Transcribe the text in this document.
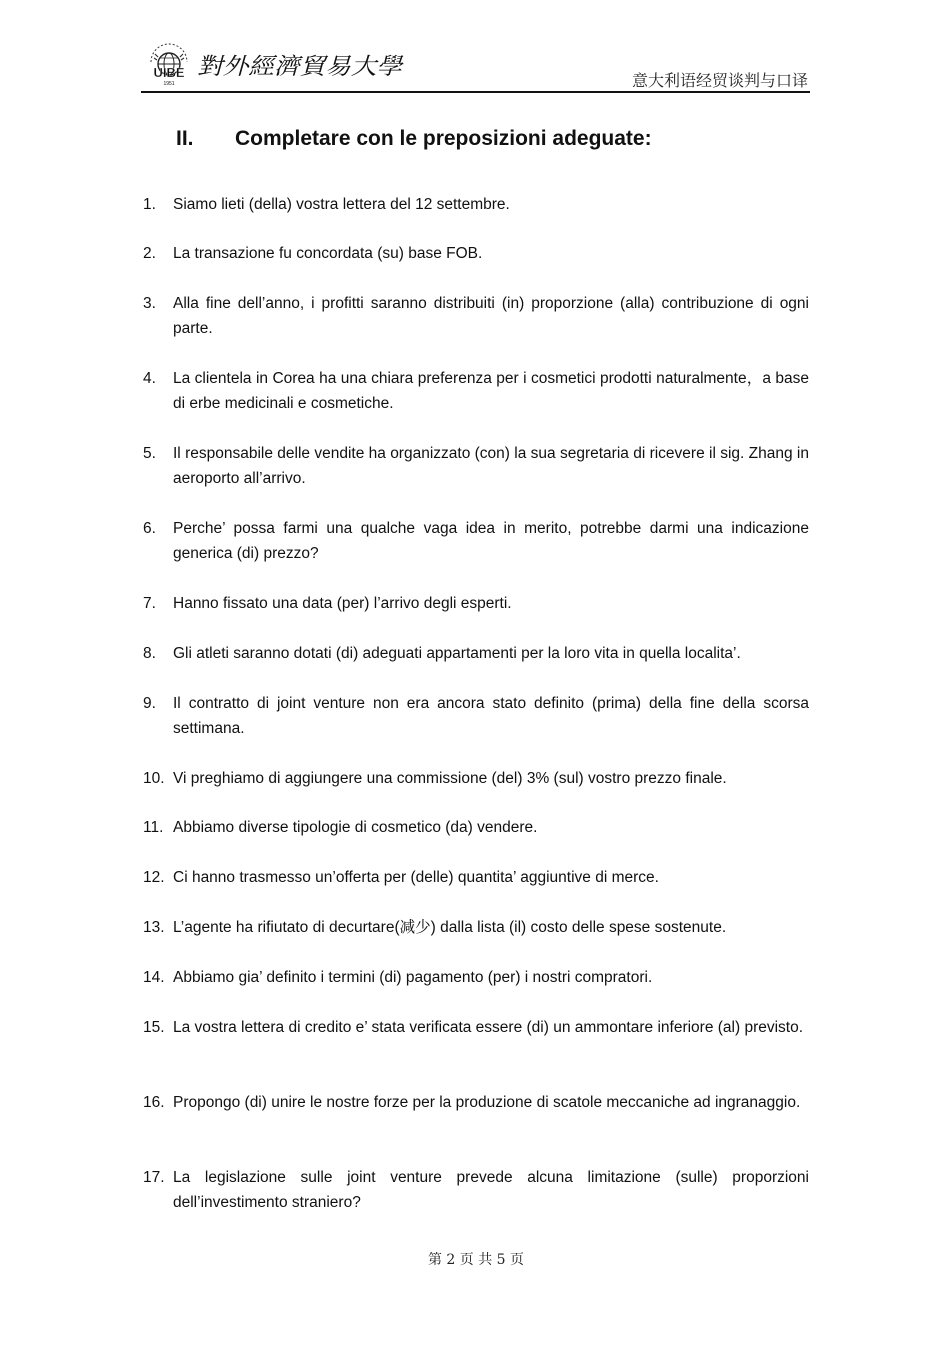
UIBE
1951
對外經濟貿易大學
意大利语经贸谈判与口译
II. Completare con le preposizioni adeguate:
1.	Siamo lieti (della) vostra lettera del 12 settembre.
2.	La transazione fu concordata (su) base FOB.
3.	Alla fine dell’anno, i profitti saranno distribuiti (in) proporzione (alla) contribuzione di ogni parte.
4.	La clientela in Corea ha una chiara preferenza per i cosmetici prodotti naturalmente，a base di erbe medicinali e cosmetiche.
5.	Il responsabile delle vendite ha organizzato (con) la sua segretaria di ricevere il sig. Zhang in aeroporto all’arrivo.
6.	Perche’ possa farmi una qualche vaga idea in merito, potrebbe darmi una indicazione generica (di) prezzo?
7.	Hanno fissato una data (per) l’arrivo degli esperti.
8.	Gli atleti saranno dotati (di) adeguati appartamenti per la loro vita in quella localita’.
9.	Il contratto di joint venture non era ancora stato definito (prima) della fine della scorsa settimana.
10. Vi preghiamo di aggiungere una commissione (del) 3% (sul) vostro prezzo finale.
11. Abbiamo diverse tipologie di cosmetico (da) vendere.
12. Ci hanno trasmesso un’offerta per (delle) quantita’ aggiuntive di merce.
13. L’agente ha rifiutato di decurtare(减少) dalla lista (il) costo delle spese sostenute.
14. Abbiamo gia’ definito i termini (di) pagamento (per) i nostri compratori.
15. La vostra lettera di credito e’ stata verificata essere (di) un ammontare inferiore (al) previsto.
16. Propongo (di) unire le nostre forze per la produzione di scatole meccaniche ad ingranaggio.
17. La legislazione sulle joint venture prevede alcuna limitazione (sulle) proporzioni dell’investimento straniero?
第 2 页 共 5 页
